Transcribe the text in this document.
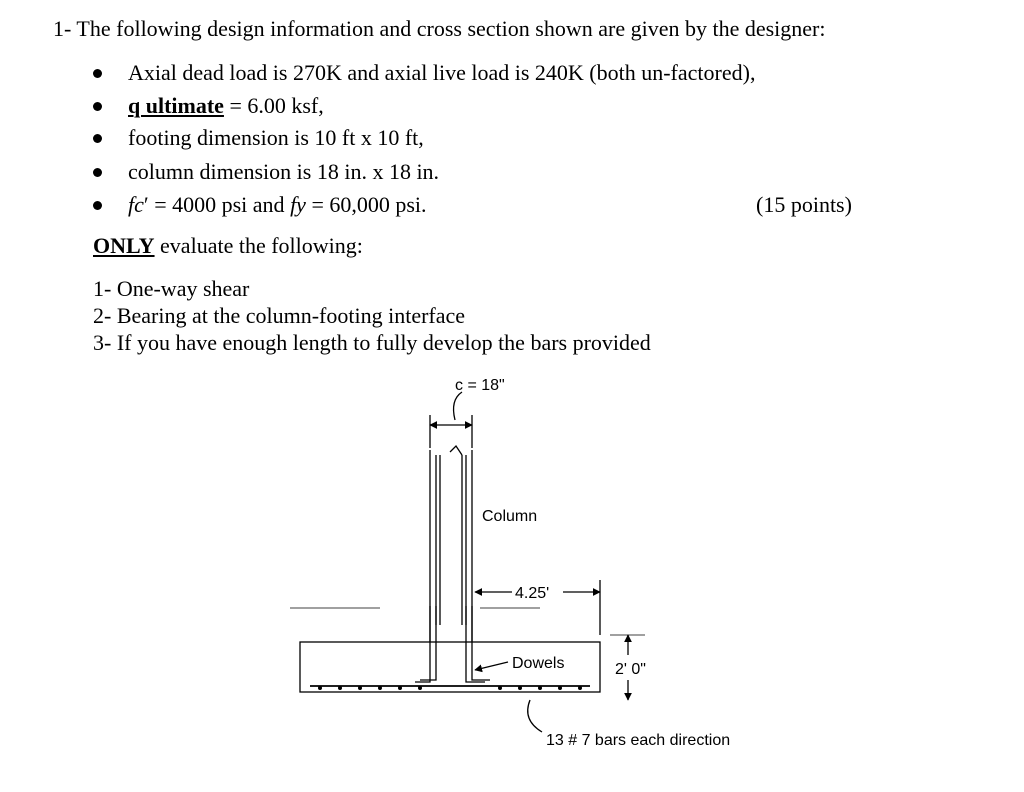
1- The following design information and cross section shown are given by the designer:
Axial dead load is 270K and axial live load is 240K (both un-factored),
q ultimate = 6.00 ksf,
footing dimension is 10 ft x 10 ft,
column dimension is 18 in. x 18 in.
fc′ = 4000 psi and fy = 60,000 psi.	(15 points)
ONLY evaluate the following:
1- One-way shear
2- Bearing at the column-footing interface
3- If you have enough length to fully develop the bars provided
c = 18"
Column
4.25'
Dowels	2' 0"
13 # 7 bars each direction
